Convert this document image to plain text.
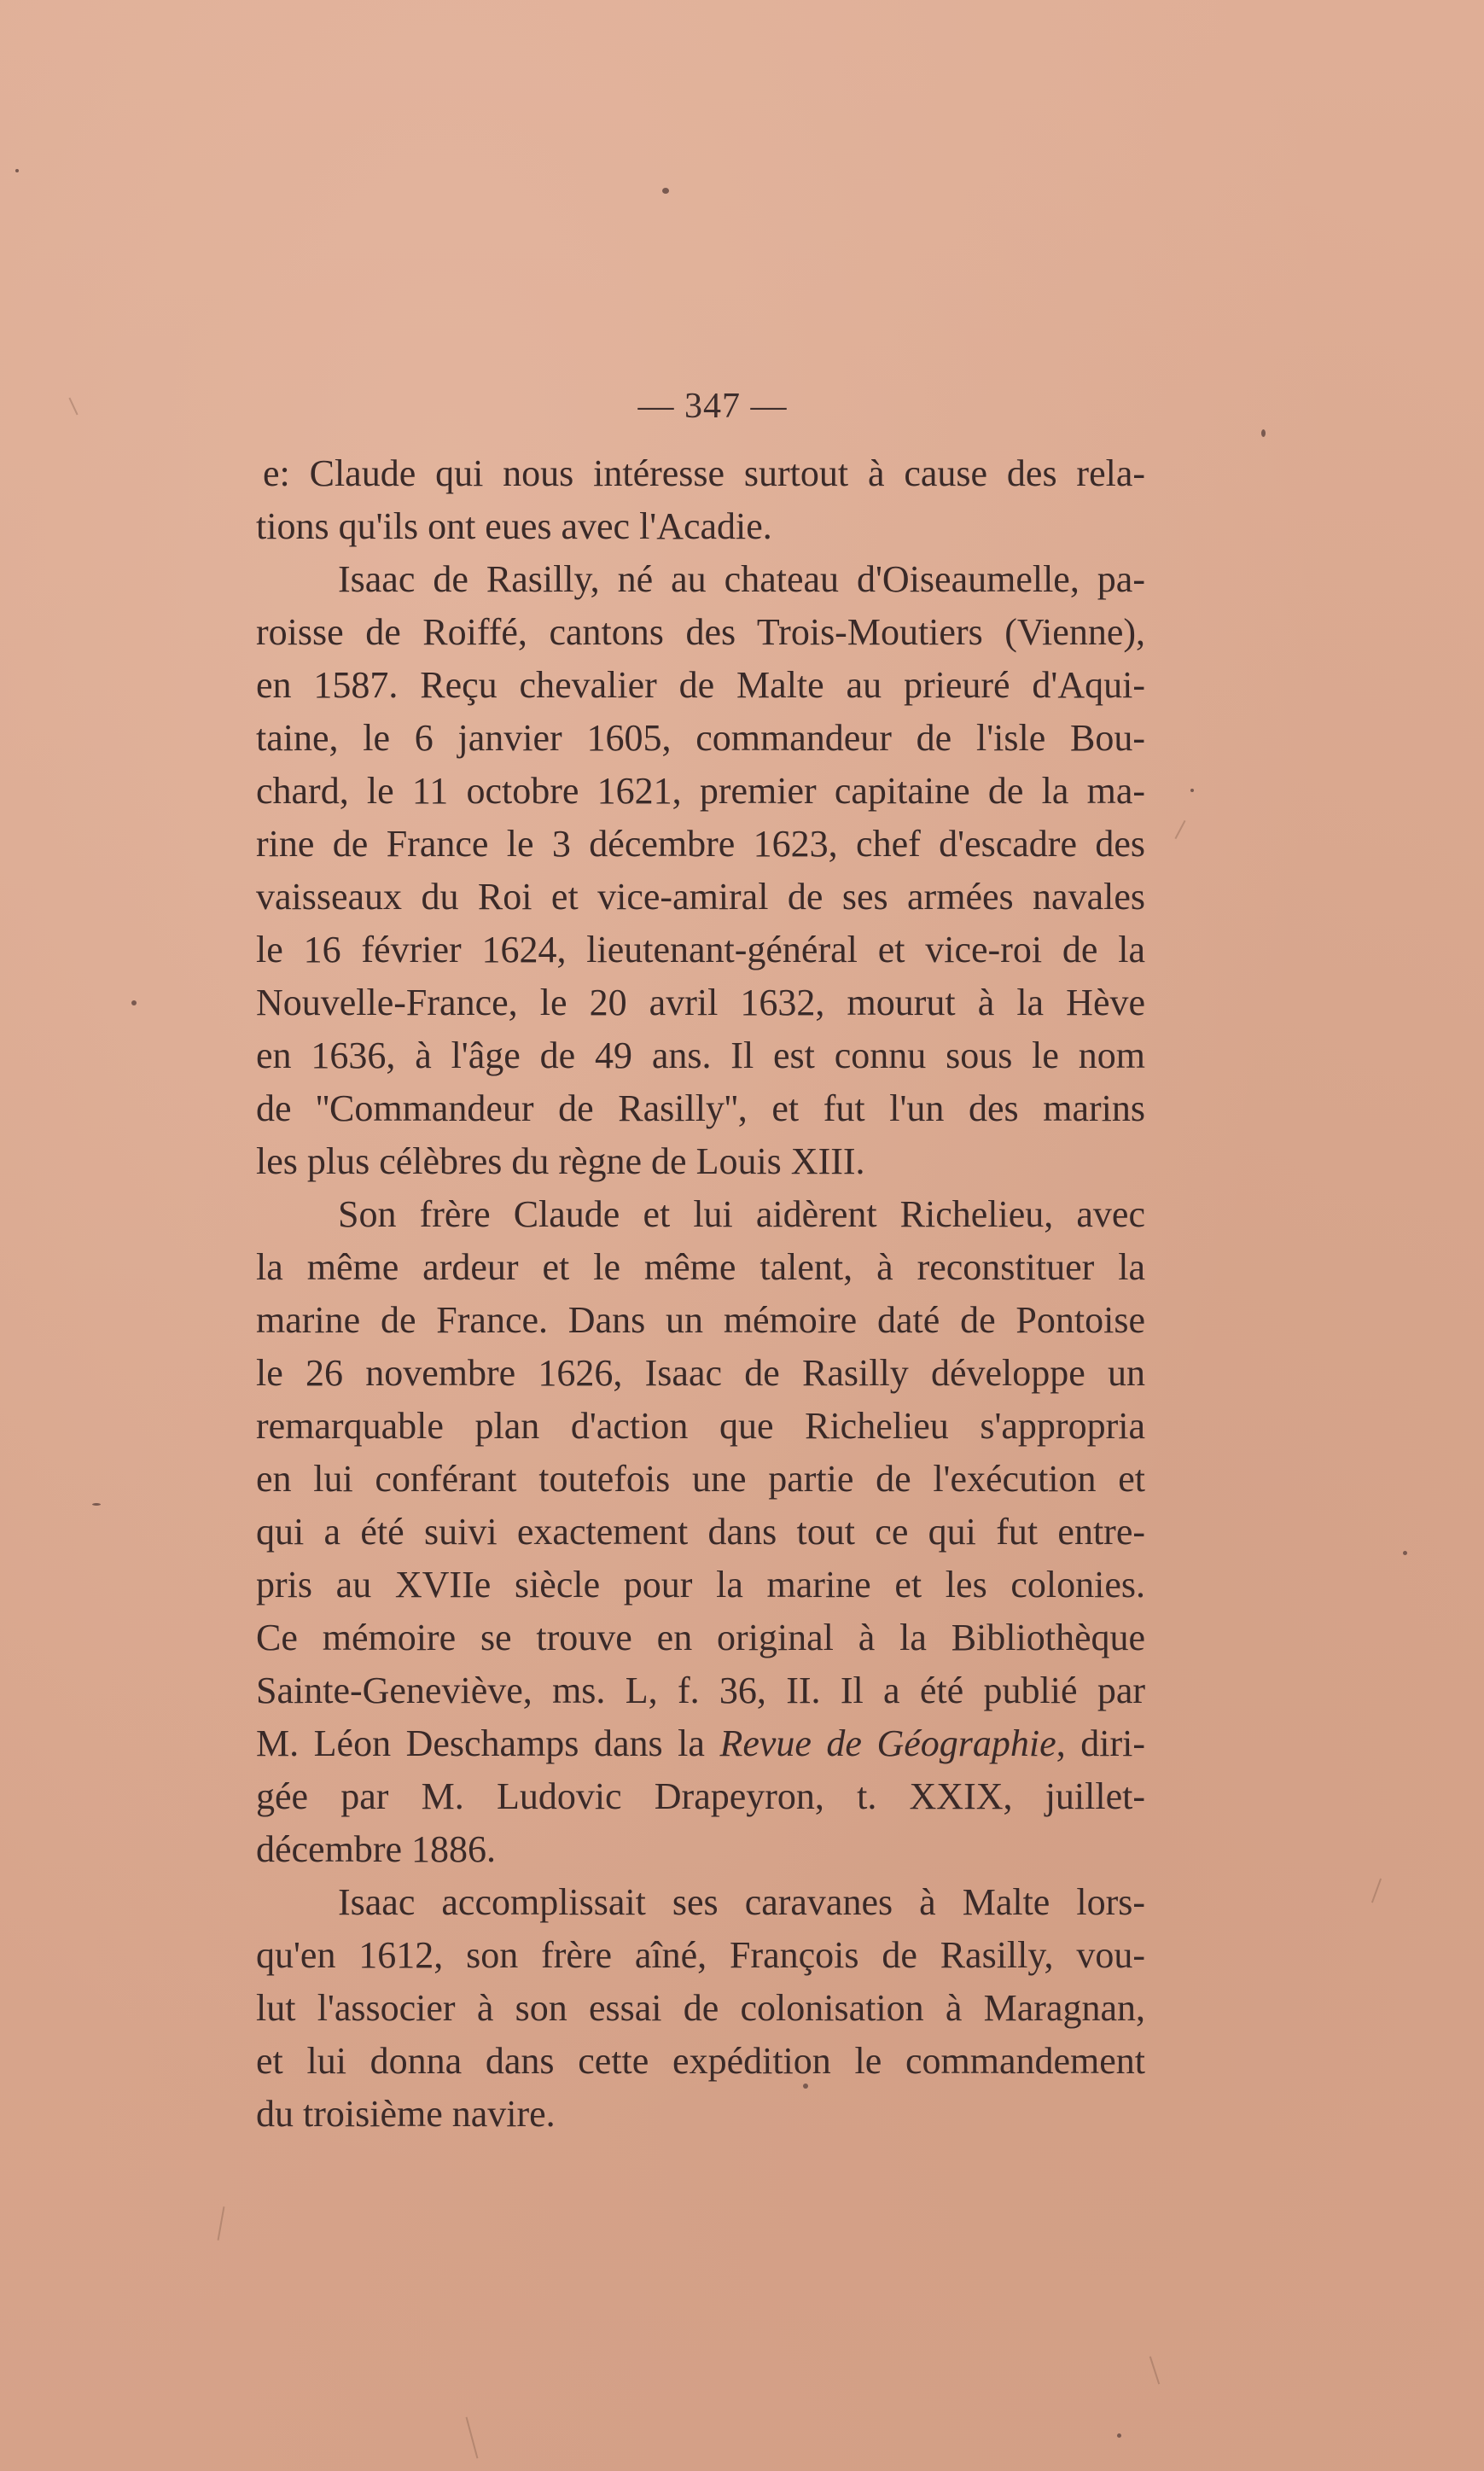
— 347 —
e: Claude qui nous intéresse surtout à cause des rela-
tions qu'ils ont eues avec l'Acadie.
Isaac de Rasilly, né au chateau d'Oiseaumelle, pa-
roisse de Roiffé, cantons des Trois-Moutiers (Vienne),
en 1587. Reçu chevalier de Malte au prieuré d'Aqui-
taine, le 6 janvier 1605, commandeur de l'isle Bou-
chard, le 11 octobre 1621, premier capitaine de la ma-
rine de France le 3 décembre 1623, chef d'escadre des
vaisseaux du Roi et vice-amiral de ses armées navales
le 16 février 1624, lieutenant-général et vice-roi de la
Nouvelle-France, le 20 avril 1632, mourut à la Hève
en 1636, à l'âge de 49 ans. Il est connu sous le nom
de ''Commandeur de Rasilly'', et fut l'un des marins
les plus célèbres du règne de Louis XIII.
Son frère Claude et lui aidèrent Richelieu, avec
la même ardeur et le même talent, à reconstituer la
marine de France. Dans un mémoire daté de Pontoise
le 26 novembre 1626, Isaac de Rasilly développe un
remarquable plan d'action que Richelieu s'appropria
en lui conférant toutefois une partie de l'exécution et
qui a été suivi exactement dans tout ce qui fut entre-
pris au XVIIe siècle pour la marine et les colonies.
Ce mémoire se trouve en original à la Bibliothèque
Sainte-Geneviève, ms. L, f. 36, II. Il a été publié par
M. Léon Deschamps dans la Revue de Géographie, diri-
gée par M. Ludovic Drapeyron, t. XXIX, juillet-
décembre 1886.
Isaac accomplissait ses caravanes à Malte lors-
qu'en 1612, son frère aîné, François de Rasilly, vou-
lut l'associer à son essai de colonisation à Maragnan,
et lui donna dans cette expédition le commandement
du troisième navire.
